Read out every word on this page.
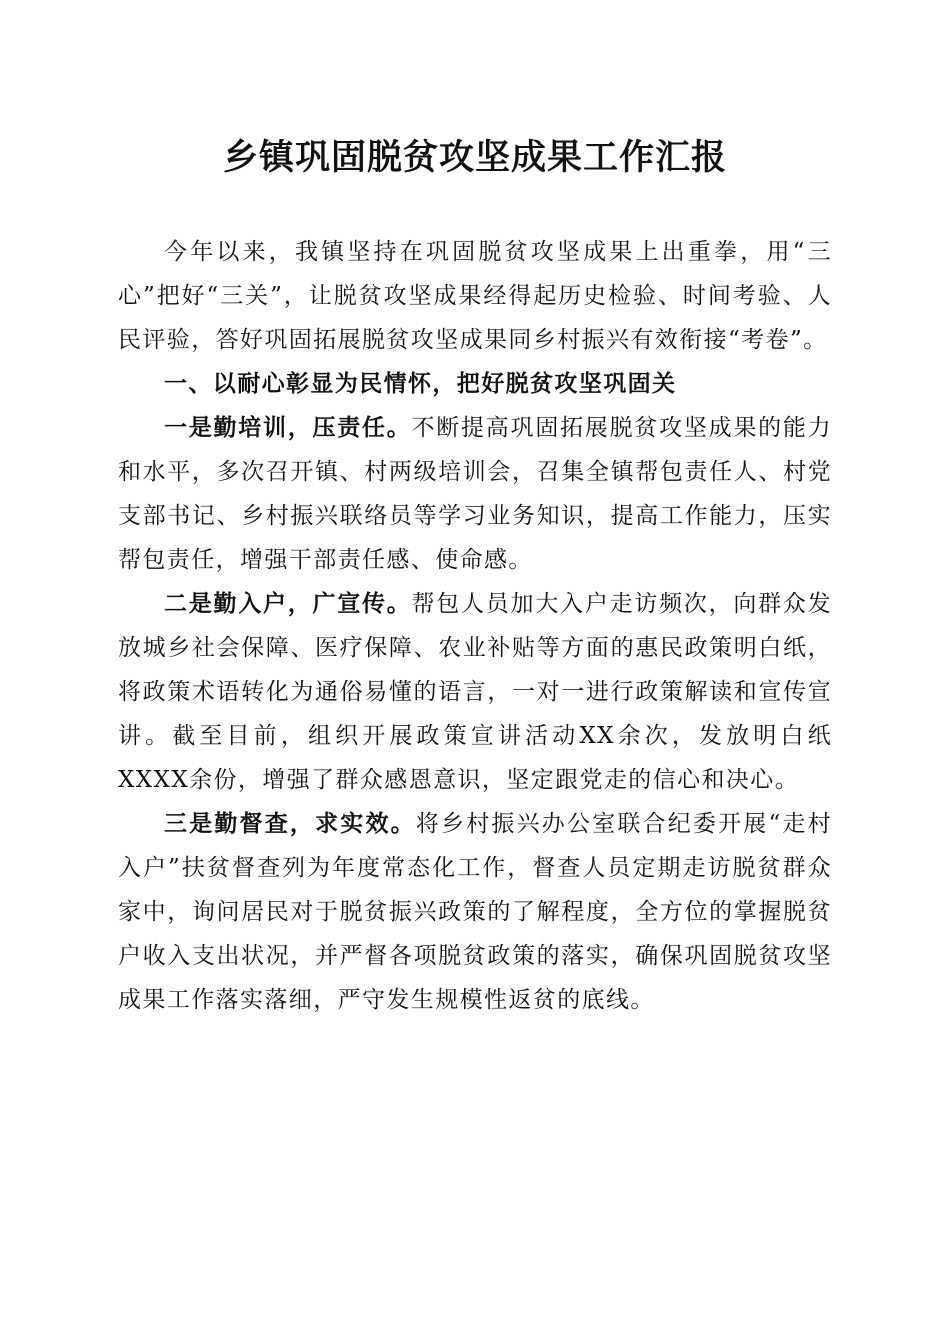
乡镇巩固脱贫攻坚成果工作汇报

今年以来，我镇坚持在巩固脱贫攻坚成果上出重拳，用“三心”把好“三关”，让脱贫攻坚成果经得起历史检验、时间考验、人民评验，答好巩固拓展脱贫攻坚成果同乡村振兴有效衔接“考卷”。

一、以耐心彰显为民情怀，把好脱贫攻坚巩固关

一是勤培训，压责任。不断提高巩固拓展脱贫攻坚成果的能力和水平，多次召开镇、村两级培训会，召集全镇帮包责任人、村党支部书记、乡村振兴联络员等学习业务知识，提高工作能力，压实帮包责任，增强干部责任感、使命感。

二是勤入户，广宣传。帮包人员加大入户走访频次，向群众发放城乡社会保障、医疗保障、农业补贴等方面的惠民政策明白纸，将政策术语转化为通俗易懂的语言，一对一进行政策解读和宣传宣讲。截至目前，组织开展政策宣讲活动XX余次，发放明白纸XXXX余份，增强了群众感恩意识，坚定跟党走的信心和决心。

三是勤督查，求实效。将乡村振兴办公室联合纪委开展“走村入户”扶贫督查列为年度常态化工作，督查人员定期走访脱贫群众家中，询问居民对于脱贫振兴政策的了解程度，全方位的掌握脱贫户收入支出状况，并严督各项脱贫政策的落实，确保巩固脱贫攻坚成果工作落实落细，严守发生规模性返贫的底线。
